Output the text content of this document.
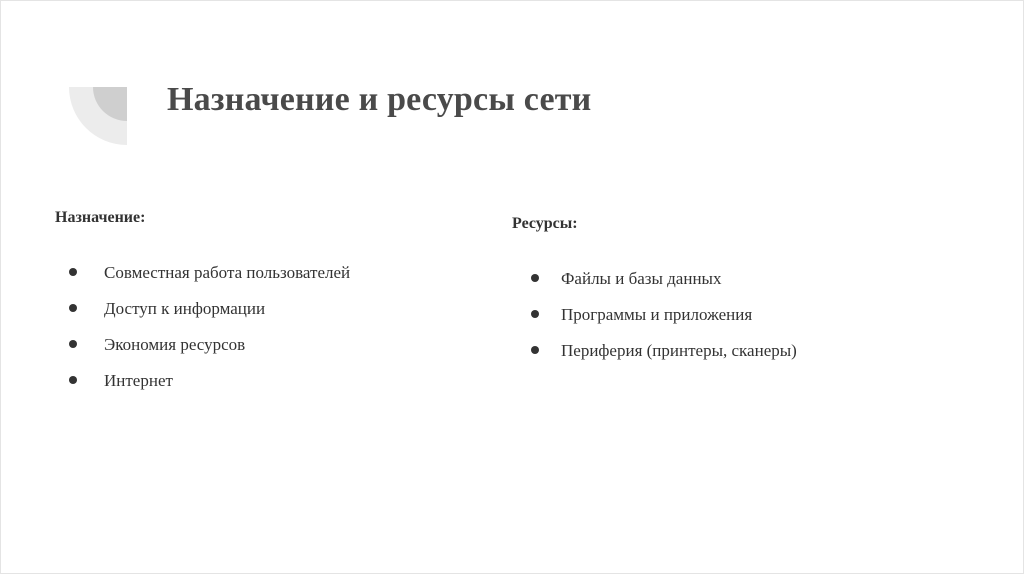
Назначение и ресурсы сети
Назначение:
Совместная работа пользователей
Доступ к информации
Экономия ресурсов
Интернет
Ресурсы:
Файлы и базы данных
Программы и приложения
Периферия (принтеры, сканеры)
